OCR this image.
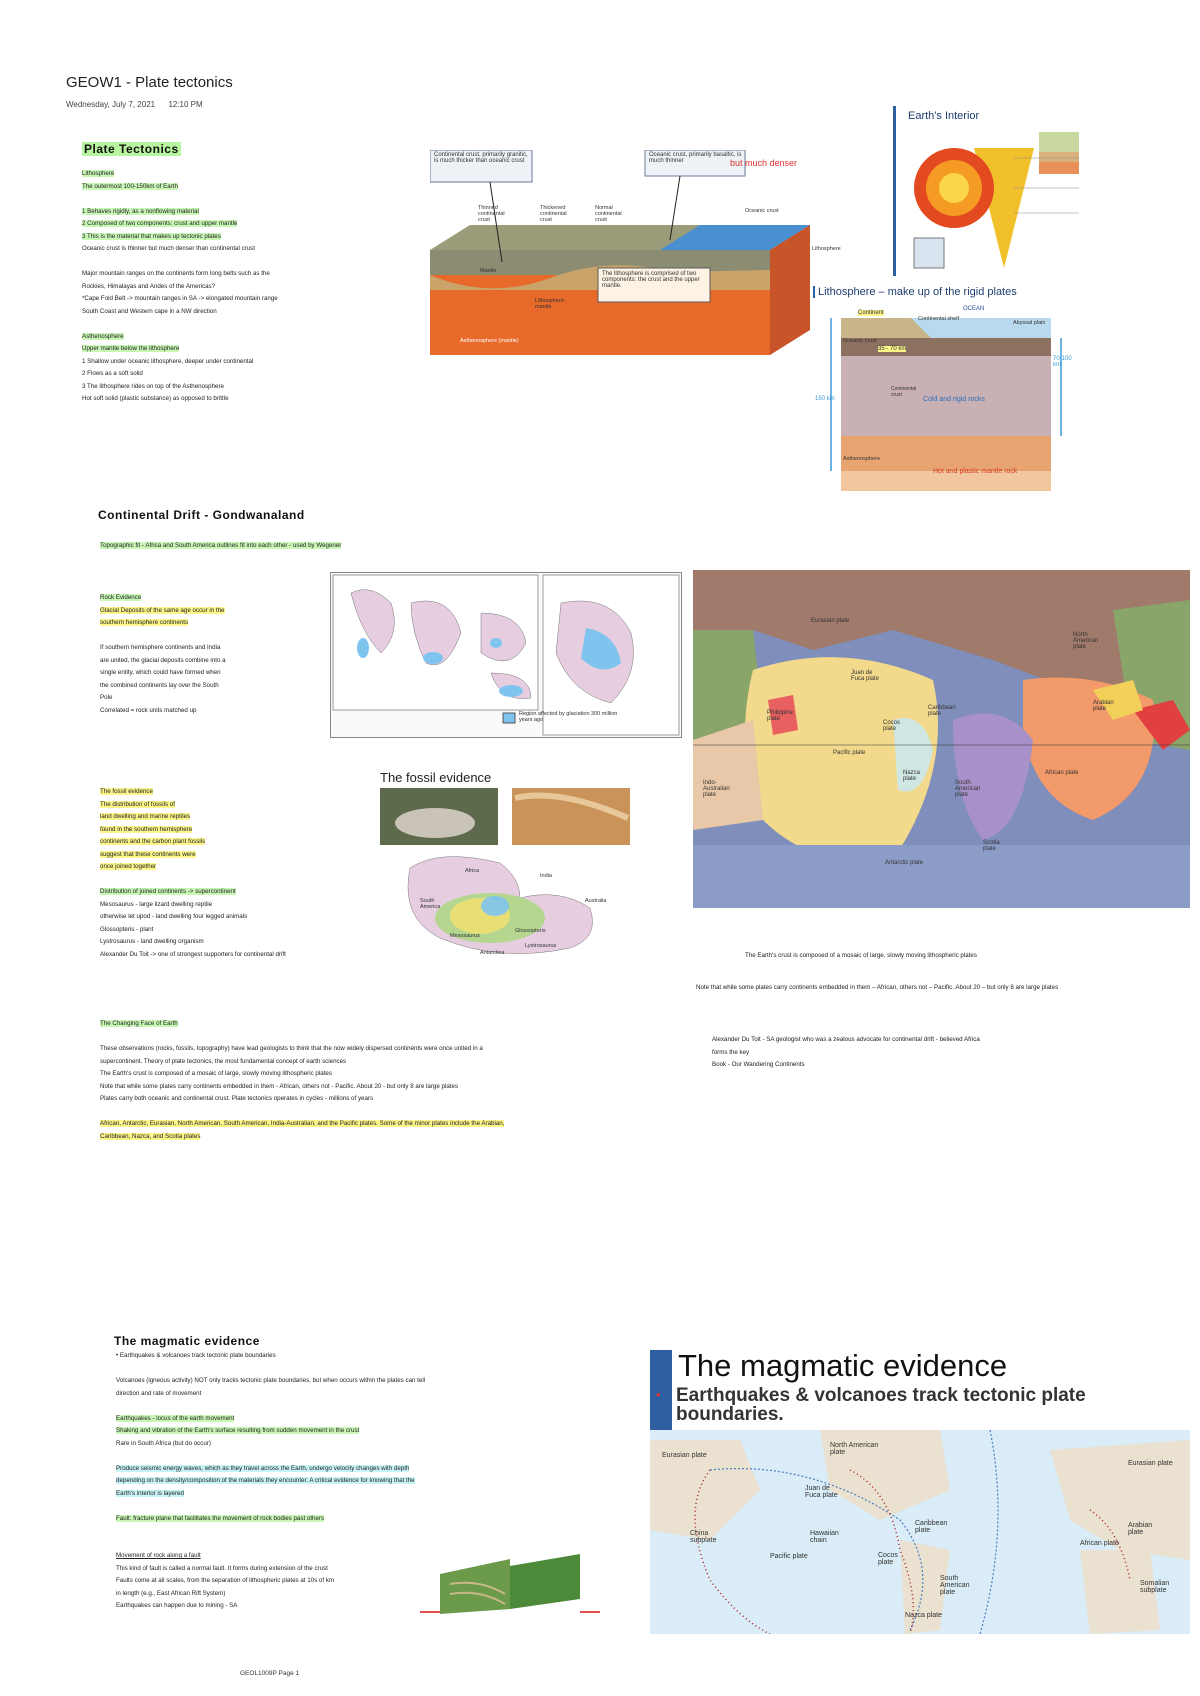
GEOW1 - Plate tectonics
Wednesday, July 7, 2021 12:10 PM
Plate Tectonics

Lithosphere

The outermost 100-150km of Earth

1 Behaves rigidly, as a nonflowing material

2 Composed of two components: crust and upper mantle

3 This is the material that makes up tectonic plates

Oceanic crust is thinner but much denser than continental crust

Major mountain ranges on the continents form long belts such as the

Rockies, Himalayas and Andes of the Americas?

*Cape Fold Belt -> mountain ranges in SA -> elongated mountain range

South Coast and Western cape in a NW direction

Asthenosphere

Upper mantle below the lithosphere

1 Shallow under oceanic lithosphere, deeper under continental

2 Flows as a soft solid

3 The lithosphere rides on top of the Asthenosphere

Hot soft solid (plastic substance) as opposed to brittle

Continental crust, primarily granitic, is much thicker than oceanic crust
Oceanic crust, primarily basaltic, is much thinner	but much denser
The lithosphere is comprised of two components: the crust and the upper mantle.
Thinned continental crust
Thickened continental crust
Normal continental crust
Oceanic crust
Lithosphere
Mantle
Lithospheric mantle
Asthenosphere (mantle)
Earth's Interior
Lithosphere – make up of the rigid plates
Continent
OCEAN
Continental shelf
Abyssal plain
Cold and rigid rocks
Hot and plastic mantle rock
Asthenosphere
Oceanic crust
Continental crust
35 - 70 km
150 km
70-100 km
Continental Drift - Gondwanaland

Topographic fit - Africa and South America outlines fit into each other - used by Wegener

Rock Evidence

Glacial Deposits of the same age occur in the

southern hemisphere continents

If southern hemisphere continents and India

are united, the glacial deposits combine into a

single entity, which could have formed when

the combined continents lay over the South

Pole

Correlated = rock units matched up

Region affected by glaciation 300 million years ago
The fossil evidence
Africa
South America
India
Antarctica
Australia
Mesosaurus
Glossopteris
Lystrosaurus

The fossil evidence

The distribution of fossils of

land dwelling and marine reptiles

found in the southern hemisphere

continents and the carbon plant fossils

suggest that these continents were

once joined together

Distribution of joined continents -> supercontinent

Mesosaurus - large lizard dwelling reptile

otherwise let upod - land dwelling four legged animals

Glossopteris - plant

Lystrosaurus - land dwelling organism

Alexander Du Toit -> one of strongest supporters for continental drift

Eurasian plate
North American plate
Pacific plate
South American plate
African plate
Antarctic plate
Indo-Australian plate
Nazca plate
Cocos plate
Caribbean plate
Arabian plate
Philippine plate
Scotia plate
Juan de Fuca plate

The Earth's crust is composed of a mosaic of large, slowly moving lithospheric plates

Note that while some plates carry continents embedded in them – African, others not – Pacific. About 20 – but only 8 are large plates

Alexander Du Toit - SA geologist who was a zealous advocate for continental drift - believed Africa

forms the key

Book - Our Wandering Continents

The Changing Face of Earth

These observations (rocks, fossils, topography) have lead geologists to think that the now widely dispersed continents were once united in a

supercontinent. Theory of plate tectonics, the most fundamental concept of earth sciences

The Earth's crust is composed of a mosaic of large, slowly moving lithospheric plates

Note that while some plates carry continents embedded in them - African, others not - Pacific. About 20 - but only 8 are large plates

Plates carry both oceanic and continental crust. Plate tectonics operates in cycles - millions of years

African, Antarctic, Eurasian, North American, South American, India-Australian, and the Pacific plates. Some of the minor plates include the Arabian,

Caribbean, Nazca, and Scotia plates

The magmatic evidence

• Earthquakes & volcanoes track tectonic plate boundaries

Volcanoes (igneous activity) NOT only tracks tectonic plate boundaries, but when occurs within the plates can tell

direction and rate of movement

Earthquakes - locus of the earth movement

Shaking and vibration of the Earth's surface resulting from sudden movement in the crust

Rare in South Africa (but do occur)

Produce seismic energy waves, which as they travel across the Earth, undergo velocity changes with depth

depending on the density/composition of the materials they encounter. A critical evidence for knowing that the

Earth's interior is layered

Fault: fracture plane that facilitates the movement of rock bodies past others

Movement of rock along a fault

This kind of fault is called a normal fault. It forms during extension of the crust

Faults come at all scales, from the separation of lithospheric plates at 10s of km

in length (e.g., East African Rift System)

Earthquakes can happen due to mining - SA

The magmatic evidence
• Earthquakes & volcanoes track tectonic plate boundaries.
Eurasian plate
North American plate
Juan de Fuca plate
Caribbean plate
Hawaiian chain
Pacific plate	Cocos plate
South American plate
Nazca plate
African plate
Arabian plate
Somalian subplate
Eurasian plate
China subplate
GEOL1009P Page 1
